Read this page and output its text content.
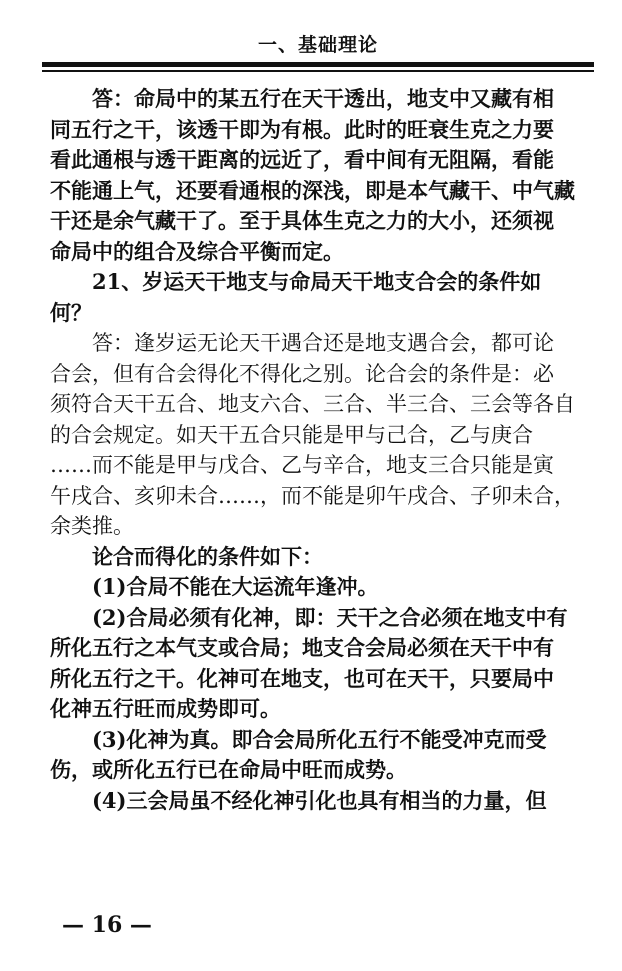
一、基础理论
答：命局中的某五行在天干透出，地支中又藏有相
同五行之干，该透干即为有根。此时的旺衰生克之力要
看此通根与透干距离的远近了，看中间有无阻隔，看能
不能通上气，还要看通根的深浅，即是本气藏干、中气藏
干还是余气藏干了。至于具体生克之力的大小，还须视
命局中的组合及综合平衡而定。
21、岁运天干地支与命局天干地支合会的条件如
何？
答：逢岁运无论天干遇合还是地支遇合会，都可论
合会，但有合会得化不得化之别。论合会的条件是：必
须符合天干五合、地支六合、三合、半三合、三会等各自
的合会规定。如天干五合只能是甲与己合，乙与庚合
……而不能是甲与戊合、乙与辛合，地支三合只能是寅
午戌合、亥卯未合……，而不能是卯午戌合、子卯未合，
余类推。
论合而得化的条件如下：
(1)合局不能在大运流年逢冲。
(2)合局必须有化神，即：天干之合必须在地支中有
所化五行之本气支或合局；地支合会局必须在天干中有
所化五行之干。化神可在地支，也可在天干，只要局中
化神五行旺而成势即可。
(3)化神为真。即合会局所化五行不能受冲克而受
伤，或所化五行已在命局中旺而成势。
(4)三会局虽不经化神引化也具有相当的力量，但
— 16 —
